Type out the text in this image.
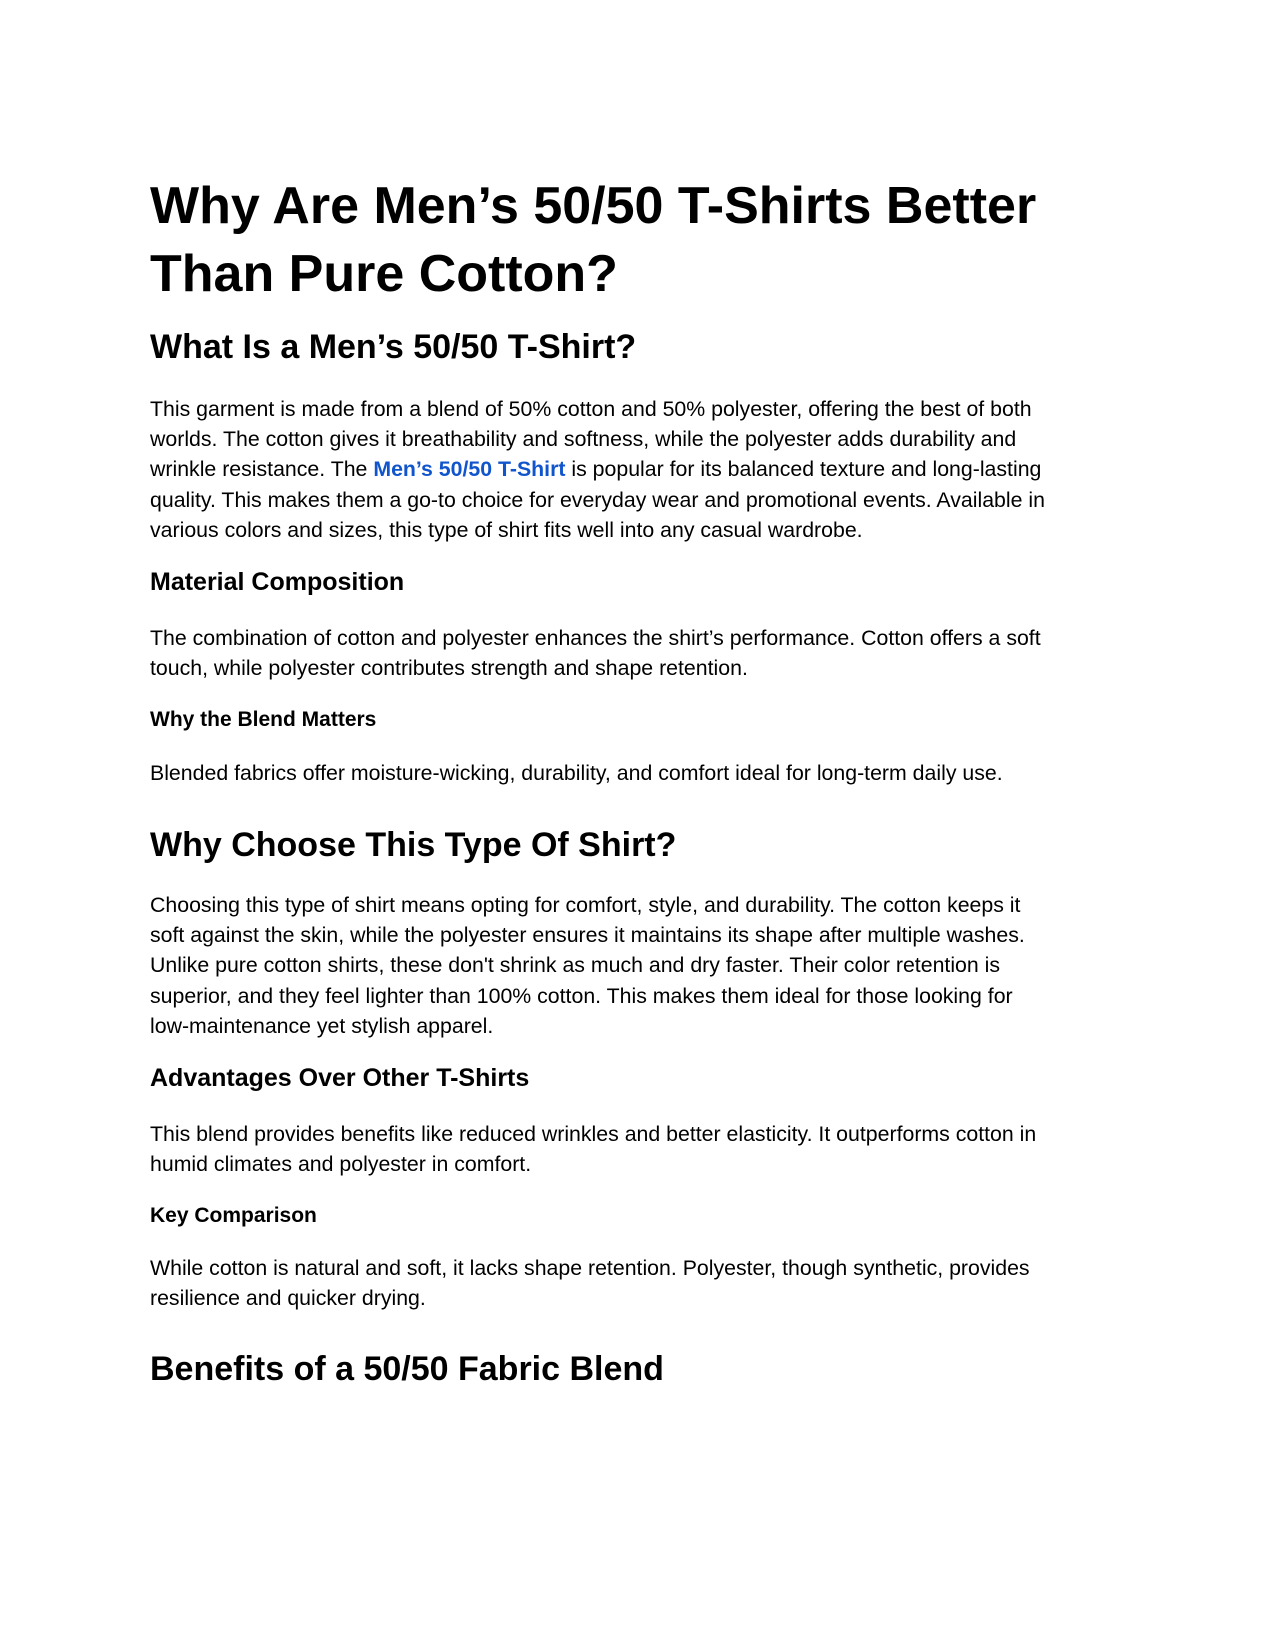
Why Are Men’s 50/50 T-Shirts Better
Than Pure Cotton?
What Is a Men’s 50/50 T-Shirt?

This garment is made from a blend of 50% cotton and 50% polyester, offering the best of both
worlds. The cotton gives it breathability and softness, while the polyester adds durability and
wrinkle resistance. The Men’s 50/50 T-Shirt is popular for its balanced texture and long-lasting
quality. This makes them a go-to choice for everyday wear and promotional events. Available in
various colors and sizes, this type of shirt fits well into any casual wardrobe.

Material Composition

The combination of cotton and polyester enhances the shirt’s performance. Cotton offers a soft
touch, while polyester contributes strength and shape retention.

Why the Blend Matters

Blended fabrics offer moisture-wicking, durability, and comfort ideal for long-term daily use.

Why Choose This Type Of Shirt?

Choosing this type of shirt means opting for comfort, style, and durability. The cotton keeps it
soft against the skin, while the polyester ensures it maintains its shape after multiple washes.
Unlike pure cotton shirts, these don't shrink as much and dry faster. Their color retention is
superior, and they feel lighter than 100% cotton. This makes them ideal for those looking for
low-maintenance yet stylish apparel.

Advantages Over Other T-Shirts

This blend provides benefits like reduced wrinkles and better elasticity. It outperforms cotton in
humid climates and polyester in comfort.

Key Comparison

While cotton is natural and soft, it lacks shape retention. Polyester, though synthetic, provides
resilience and quicker drying.

Benefits of a 50/50 Fabric Blend
